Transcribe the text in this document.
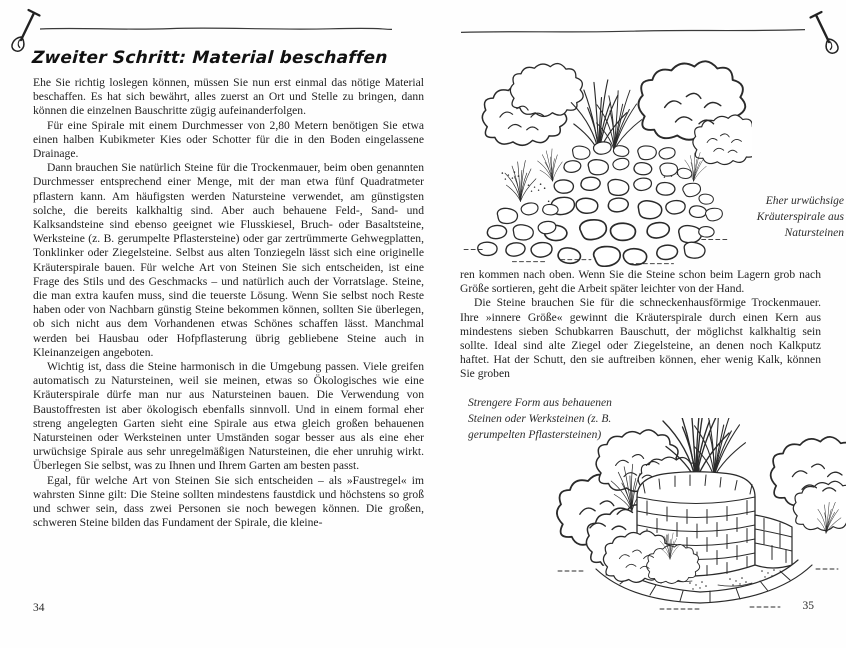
Zweiter Schritt: Material beschaffen

Ehe Sie richtig loslegen können, müssen Sie nun erst einmal das nötige Material beschaffen. Es hat sich bewährt, alles zuerst an Ort und Stelle zu bringen, dann können die einzelnen Bauschritte zügig aufeinanderfolgen.

Für eine Spirale mit einem Durchmesser von 2,80 Metern benötigen Sie etwa einen halben Kubikmeter Kies oder Schotter für die in den Boden eingelassene Drainage.

Dann brauchen Sie natürlich Steine für die Trockenmauer, beim oben genannten Durchmesser entsprechend einer Menge, mit der man etwa fünf Quadratmeter pflastern kann. Am häufigsten werden Natursteine verwendet, am günstigsten solche, die bereits kalkhaltig sind. Aber auch behauene Feld-, Sand- und Kalksandsteine sind ebenso geeignet wie Flusskiesel, Bruch- oder Basaltsteine, Werksteine (z. B. gerumpelte Pflastersteine) oder gar zertrümmerte Gehwegplatten, Tonklinker oder Ziegelsteine. Selbst aus alten Tonziegeln lässt sich eine originelle Kräuterspirale bauen. Für welche Art von Steinen Sie sich entscheiden, ist eine Frage des Stils und des Geschmacks – und natürlich auch der Vorratslage. Steine, die man extra kaufen muss, sind die teuerste Lösung. Wenn Sie selbst noch Reste haben oder von Nachbarn günstig Steine bekommen können, sollten Sie überlegen, ob sich nicht aus dem Vorhandenen etwas Schönes schaffen lässt. Manchmal werden bei Hausbau oder Hofpflasterung übrig gebliebene Steine auch in Kleinanzeigen angeboten.

Wichtig ist, dass die Steine harmonisch in die Umgebung passen. Viele greifen automatisch zu Natursteinen, weil sie meinen, etwas so Ökologisches wie eine Kräuterspirale dürfe man nur aus Natursteinen bauen. Die Verwendung von Baustoffresten ist aber ökologisch ebenfalls sinnvoll. Und in einem formal eher streng angelegten Garten sieht eine Spirale aus etwa gleich großen behauenen Natursteinen oder Werksteinen unter Umständen sogar besser aus als eine eher urwüchsige Spirale aus sehr unregelmäßigen Natursteinen, die eher unruhig wirkt. Überlegen Sie selbst, was zu Ihnen und Ihrem Garten am besten passt.

Egal, für welche Art von Steinen Sie sich entscheiden – als »Faustregel« im wahrsten Sinne gilt: Die Steine sollten mindestens faustdick und höchstens so groß und schwer sein, dass zwei Personen sie noch bewegen können. Die großen, schweren Steine bilden das Fundament der Spirale, die kleine-

34
Eher urwüchsige Kräuterspirale aus Natursteinen

ren kommen nach oben. Wenn Sie die Steine schon beim Lagern grob nach Größe sortieren, geht die Arbeit später leichter von der Hand.

Die Steine brauchen Sie für die schneckenhausförmige Trockenmauer. Ihre »innere Größe« gewinnt die Kräuterspirale durch einen Kern aus mindestens sieben Schubkarren Bauschutt, der möglichst kalkhaltig sein sollte. Ideal sind alte Ziegel oder Ziegelsteine, an denen noch Kalkputz haftet. Hat der Schutt, den sie auftreiben können, eher wenig Kalk, können Sie groben

Strengere Form aus behauenen Steinen oder Werksteinen (z. B. gerumpelten Pflastersteinen)
35
